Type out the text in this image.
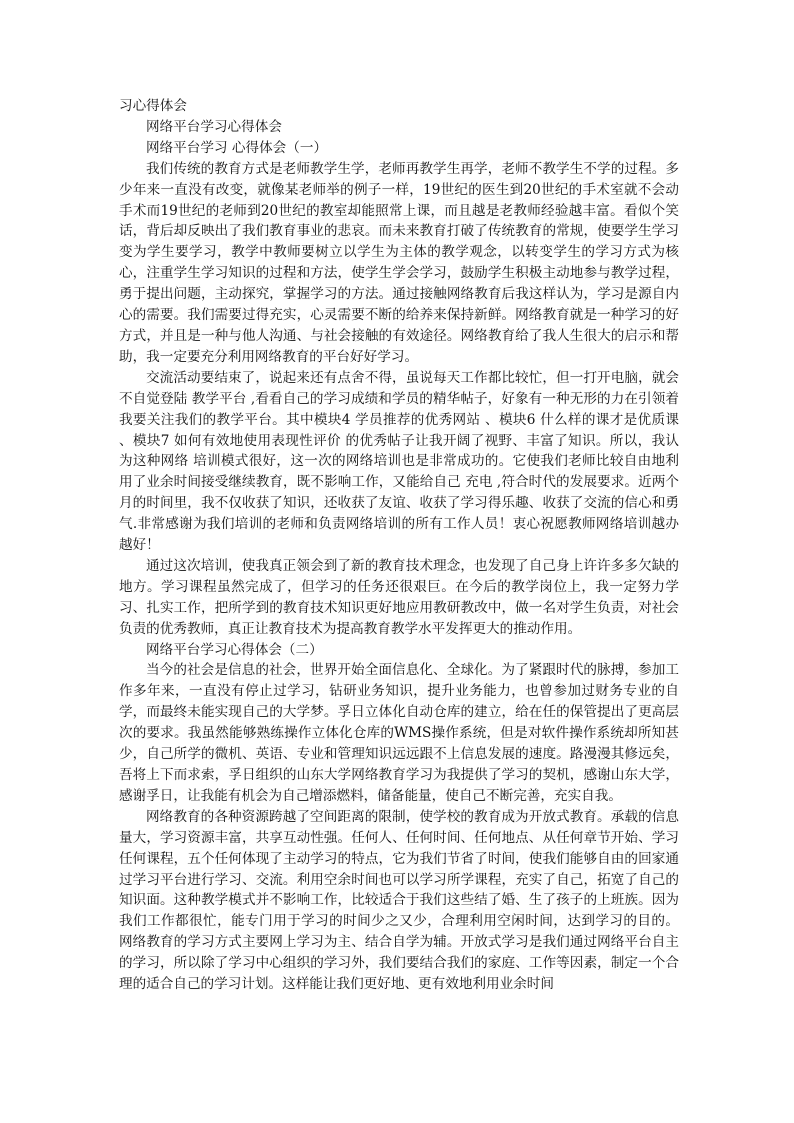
习心得体会

网络平台学习心得体会

网络平台学习 心得体会（一）

我们传统的教育方式是老师教学生学，老师再教学生再学，老师不教学生不学的过程。多少年来一直没有改变，就像某老师举的例子一样，19世纪的医生到20世纪的手术室就不会动手术而19世纪的老师到20世纪的教室却能照常上课，而且越是老教师经验越丰富。看似个笑话，背后却反映出了我们教育事业的悲哀。而未来教育打破了传统教育的常规，使要学生学习变为学生要学习，教学中教师要树立以学生为主体的教学观念，以转变学生的学习方式为核心，注重学生学习知识的过程和方法，使学生学会学习，鼓励学生积极主动地参与教学过程，勇于提出问题，主动探究，掌握学习的方法。通过接触网络教育后我这样认为，学习是源自内心的需要。我们需要过得充实，心灵需要不断的给养来保持新鲜。网络教育就是一种学习的好方式，并且是一种与他人沟通、与社会接触的有效途径。网络教育给了我人生很大的启示和帮助，我一定要充分利用网络教育的平台好好学习。

交流活动要结束了，说起来还有点舍不得，虽说每天工作都比较忙，但一打开电脑，就会不自觉登陆 教学平台 ,看看自己的学习成绩和学员的精华帖子，好象有一种无形的力在引领着我要关注我们的教学平台。其中模块4 学员推荐的优秀网站 、模块6 什么样的课才是优质课 、模块7 如何有效地使用表现性评价 的优秀帖子让我开阔了视野、丰富了知识。所以，我认为这种网络 培训模式很好，这一次的网络培训也是非常成功的。它使我们老师比较自由地利用了业余时间接受继续教育，既不影响工作，又能给自己 充电 ,符合时代的发展要求。近两个月的时间里，我不仅收获了知识，还收获了友谊、收获了学习得乐趣、收获了交流的信心和勇气.非常感谢为我们培训的老师和负责网络培训的所有工作人员！衷心祝愿教师网络培训越办越好！

通过这次培训，使我真正领会到了新的教育技术理念，也发现了自己身上许许多多欠缺的地方。学习课程虽然完成了，但学习的任务还很艰巨。在今后的教学岗位上，我一定努力学习、扎实工作，把所学到的教育技术知识更好地应用教研教改中，做一名对学生负责，对社会负责的优秀教师，真正让教育技术为提高教育教学水平发挥更大的推动作用。

网络平台学习心得体会（二）

当今的社会是信息的社会，世界开始全面信息化、全球化。为了紧跟时代的脉搏，参加工作多年来，一直没有停止过学习，钻研业务知识，提升业务能力，也曾参加过财务专业的自学，而最终未能实现自己的大学梦。孚日立体化自动仓库的建立，给在任的保管提出了更高层次的要求。我虽然能够熟练操作立体化仓库的WMS操作系统，但是对软件操作系统却所知甚少，自己所学的微机、英语、专业和管理知识远远跟不上信息发展的速度。路漫漫其修远矣，吾将上下而求索，孚日组织的山东大学网络教育学习为我提供了学习的契机，感谢山东大学，感谢孚日，让我能有机会为自己增添燃料，储备能量，使自己不断完善，充实自我。

网络教育的各种资源跨越了空间距离的限制，使学校的教育成为开放式教育。承载的信息量大，学习资源丰富，共享互动性强。任何人、任何时间、任何地点、从任何章节开始、学习任何课程，五个任何体现了主动学习的特点，它为我们节省了时间，使我们能够自由的回家通过学习平台进行学习、交流。利用空余时间也可以学习所学课程，充实了自己，拓宽了自己的知识面。这种教学模式并不影响工作，比较适合于我们这些结了婚、生了孩子的上班族。因为我们工作都很忙，能专门用于学习的时间少之又少，合理利用空闲时间，达到学习的目的。 网络教育的学习方式主要网上学习为主、结合自学为辅。开放式学习是我们通过网络平台自主的学习，所以除了学习中心组织的学习外，我们要结合我们的家庭、工作等因素，制定一个合理的适合自己的学习计划。这样能让我们更好地、更有效地利用业余时间
